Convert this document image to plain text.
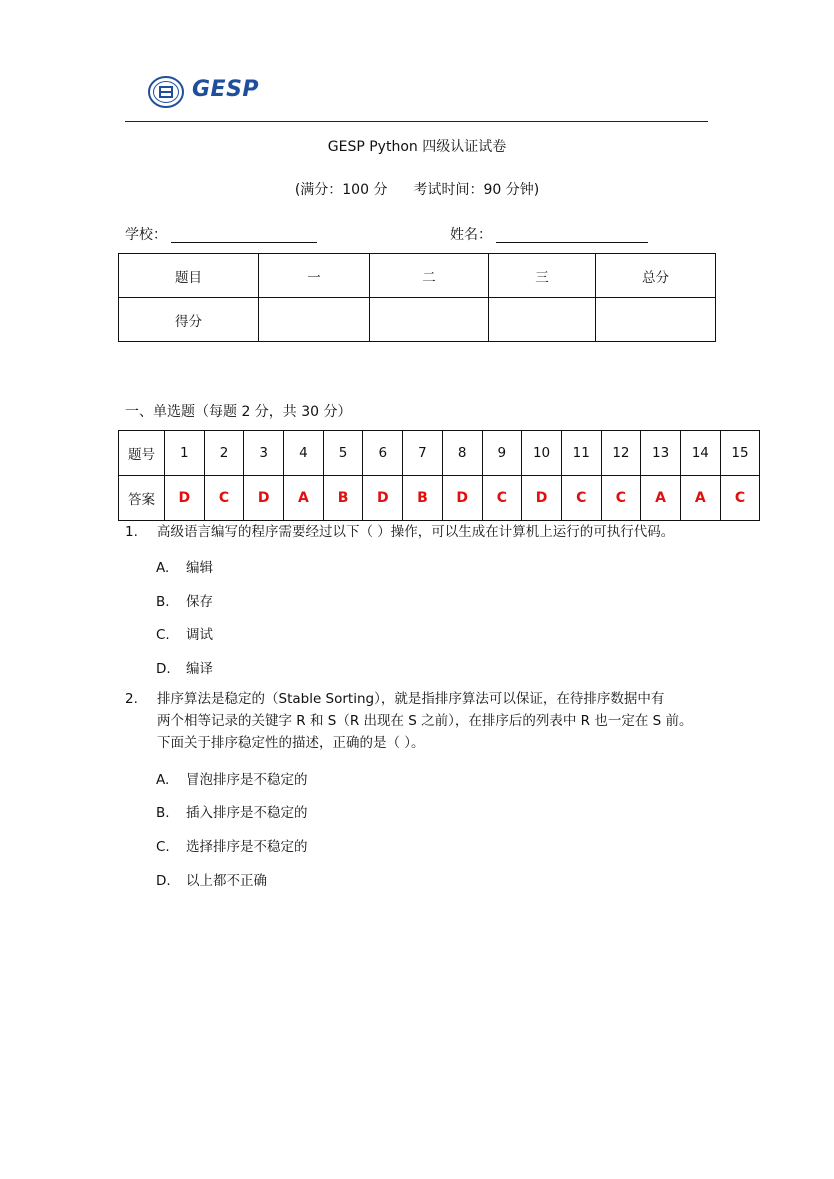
GESP
GESP Python 四级认证试卷
(满分：100 分 考试时间：90 分钟)
学校：	姓名：
题目	一	二	三	总分
得分				
一、单选题（每题 2 分，共 30 分）
题号	1	2	3	4	5	6	7	8	9	10	11	12	13	14	15
答案	D	C	D	A	B	D	B	D	C	D	C	C	A	A	C
1.	高级语言编写的程序需要经过以下（ ）操作，可以生成在计算机上运行的可执行代码。
A. 编辑
B. 保存
C. 调试
D. 编译
2.	排序算法是稳定的（Stable Sorting），就是指排序算法可以保证，在待排序数据中有
两个相等记录的关键字 R 和 S（R 出现在 S 之前），在排序后的列表中 R 也一定在 S 前。
下面关于排序稳定性的描述，正确的是（ ）。
A. 冒泡排序是不稳定的
B. 插入排序是不稳定的
C. 选择排序是不稳定的
D. 以上都不正确
